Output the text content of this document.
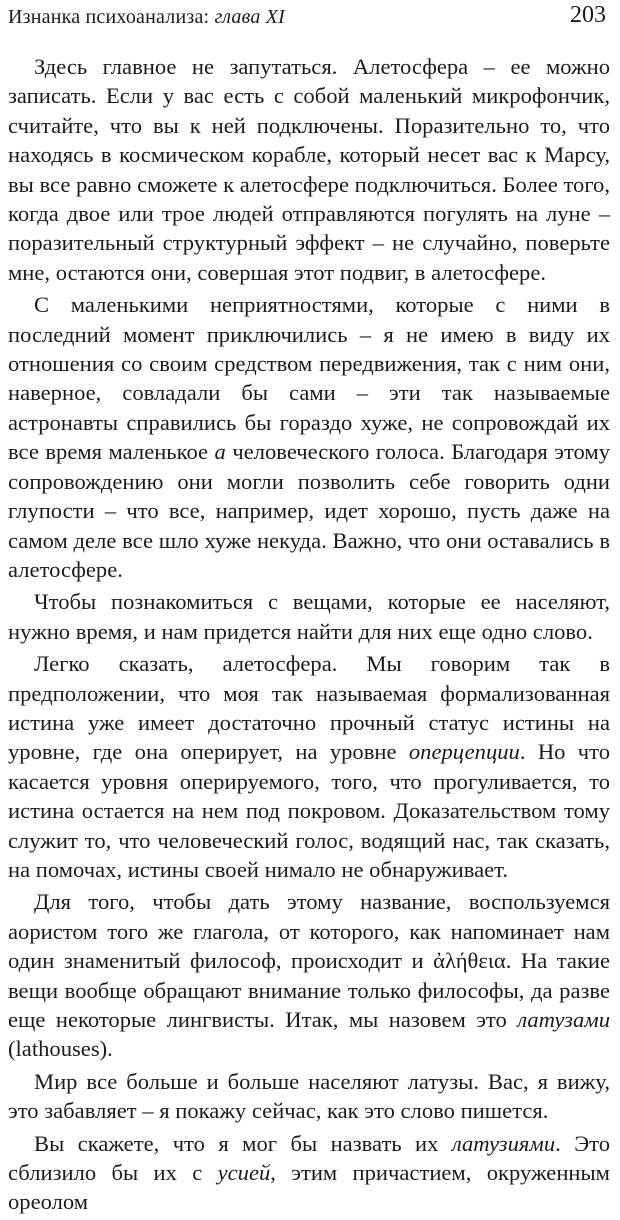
Изнанка психоанализа: глава XI	203

Здесь главное не запутаться. Алетосфера – ее можно записать. Если у вас есть с собой маленький микрофончик, считайте, что вы к ней подключены. Поразительно то, что находясь в космическом корабле, который несет вас к Марсу, вы все равно сможете к алетосфере подключиться. Более того, когда двое или трое людей отправляются погулять на луне – поразительный структурный эффект – не случайно, поверьте мне, остаются они, совершая этот подвиг, в алетосфере.

С маленькими неприятностями, которые с ними в последний момент приключились – я не имею в виду их отношения со своим средством передвижения, так с ним они, наверное, совладали бы сами – эти так называемые астронавты справились бы гораздо хуже, не сопровождай их все время маленькое а человеческого голоса. Благодаря этому сопровождению они могли позволить себе говорить одни глупости – что все, например, идет хорошо, пусть даже на самом деле все шло хуже некуда. Важно, что они оставались в алетосфере.

Чтобы познакомиться с вещами, которые ее населяют, нужно время, и нам придется найти для них еще одно слово.

Легко сказать, алетосфера. Мы говорим так в предположении, что моя так называемая формализованная истина уже имеет достаточно прочный статус истины на уровне, где она оперирует, на уровне оперцепции. Но что касается уровня оперируемого, того, что прогуливается, то истина остается на нем под покровом. Доказательством тому служит то, что человеческий голос, водящий нас, так сказать, на помочах, истины своей нимало не обнаруживает.

Для того, чтобы дать этому название, воспользуемся аористом того же глагола, от которого, как напоминает нам один знаменитый философ, происходит и ἀλήθεια. На такие вещи вообще обращают внимание только философы, да разве еще некоторые лингвисты. Итак, мы назовем это латузами (lathouses).

Мир все больше и больше населяют латузы. Вас, я вижу, это забавляет – я покажу сейчас, как это слово пишется.

Вы скажете, что я мог бы назвать их латузиями. Это сблизило бы их с усией, этим причастием, окруженным ореолом
